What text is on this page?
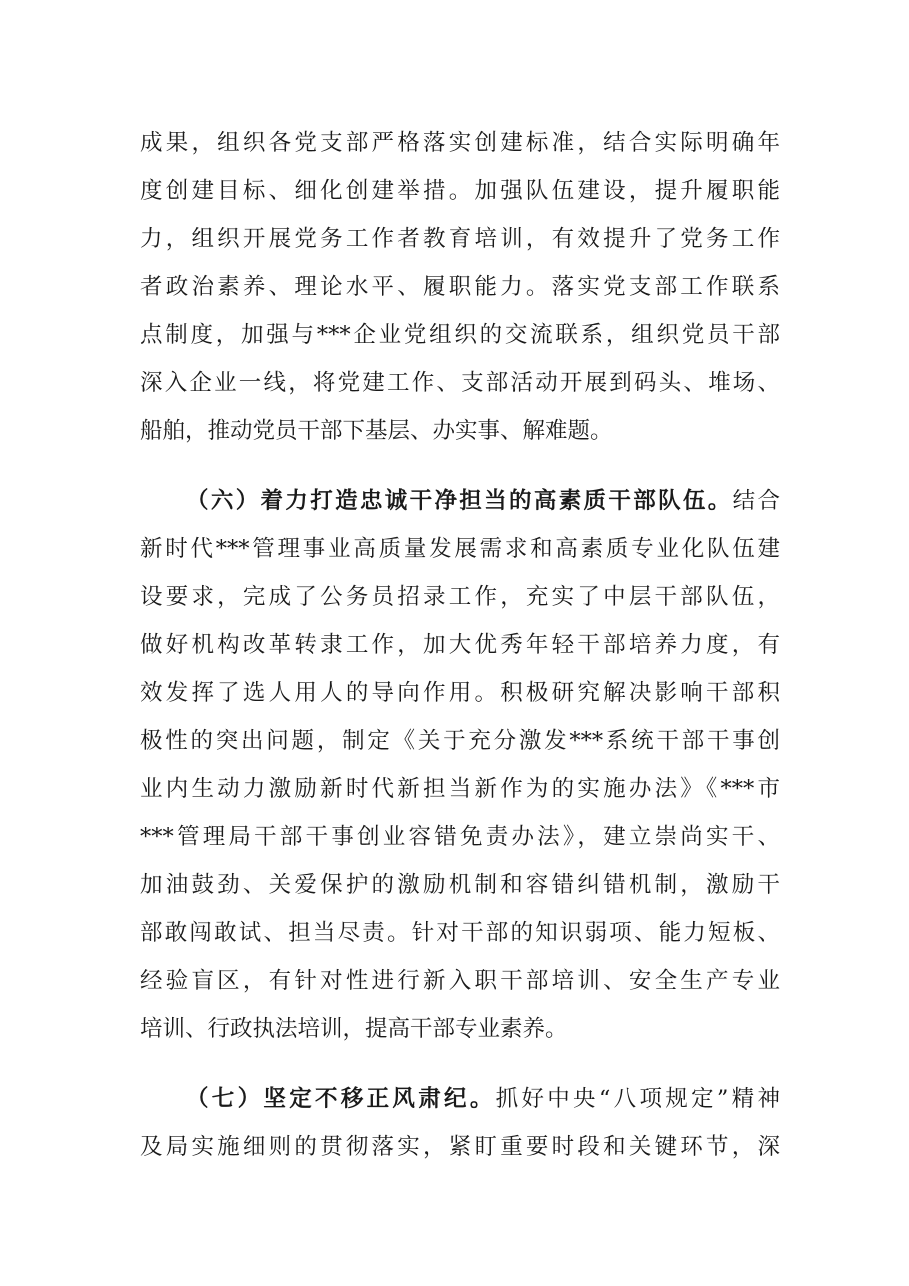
成果，组织各党支部严格落实创建标准，结合实际明确年
度创建目标、细化创建举措。加强队伍建设，提升履职能
力，组织开展党务工作者教育培训，有效提升了党务工作
者政治素养、理论水平、履职能力。落实党支部工作联系
点制度，加强与***企业党组织的交流联系，组织党员干部
深入企业一线，将党建工作、支部活动开展到码头、堆场、
船舶，推动党员干部下基层、办实事、解难题。
（六）着力打造忠诚干净担当的高素质干部队伍。结合
新时代***管理事业高质量发展需求和高素质专业化队伍建
设要求，完成了公务员招录工作，充实了中层干部队伍，
做好机构改革转隶工作，加大优秀年轻干部培养力度，有
效发挥了选人用人的导向作用。积极研究解决影响干部积
极性的突出问题，制定《关于充分激发***系统干部干事创
业内生动力激励新时代新担当新作为的实施办法》《***市
***管理局干部干事创业容错免责办法》，建立崇尚实干、
加油鼓劲、关爱保护的激励机制和容错纠错机制，激励干
部敢闯敢试、担当尽责。针对干部的知识弱项、能力短板、
经验盲区，有针对性进行新入职干部培训、安全生产专业
培训、行政执法培训，提高干部专业素养。
（七）坚定不移正风肃纪。抓好中央“八项规定”精神
及局实施细则的贯彻落实，紧盯重要时段和关键环节，深
